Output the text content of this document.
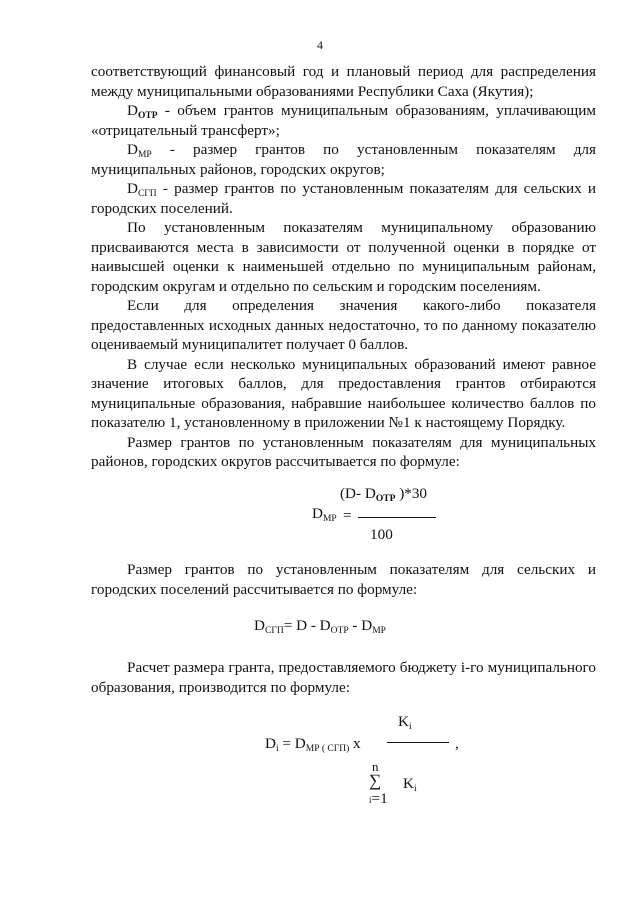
4

соответствующий финансовый год и плановый период для распределения

между муниципальными образованиями Республики Саха (Якутия);

$D_{ОТР}$ - объем грантов муниципальным образованиям, уплачивающим

«отрицательный трансферт»;

$D_{МР}$ - размер грантов по установленным показателям для

муниципальных районов, городских округов;

$D_{СГП}$ - размер грантов по установленным показателям для сельских и

городских поселений.

По установленным показателям муниципальному образованию присваиваются места в зависимости от полученной оценки в порядке от наивысшей оценки к наименьшей отдельно по муниципальным районам, городским округам и отдельно по сельским и городским поселениям.

Если для определения значения какого-либо показателя предоставленных исходных данных недостаточно, то по данному показателю оцениваемый муниципалитет получает 0 баллов.

В случае если несколько муниципальных образований имеют равное значение итоговых баллов, для предоставления грантов отбираются муниципальные образования, набравшие наибольшее количество баллов по показателю 1, установленному в приложении №1 к настоящему Порядку.

Размер грантов по установленным показателям для муниципальных районов, городских округов рассчитывается по формуле:

(D- $D_{ОТР}$ )*30
$D_{МР}$ =
100

Размер грантов по установленным показателям для сельских и городских поселений рассчитывается по формуле:

$D_{СГП}= D - D_{ОТР} - D_{МР}$

Расчет размера гранта, предоставляемого бюджету i-го муниципального образования, производится по формуле:

$K_i$
$D_i = D_{МР ( СГП)}$ x	,
n
∑ $K_i$
i=1
